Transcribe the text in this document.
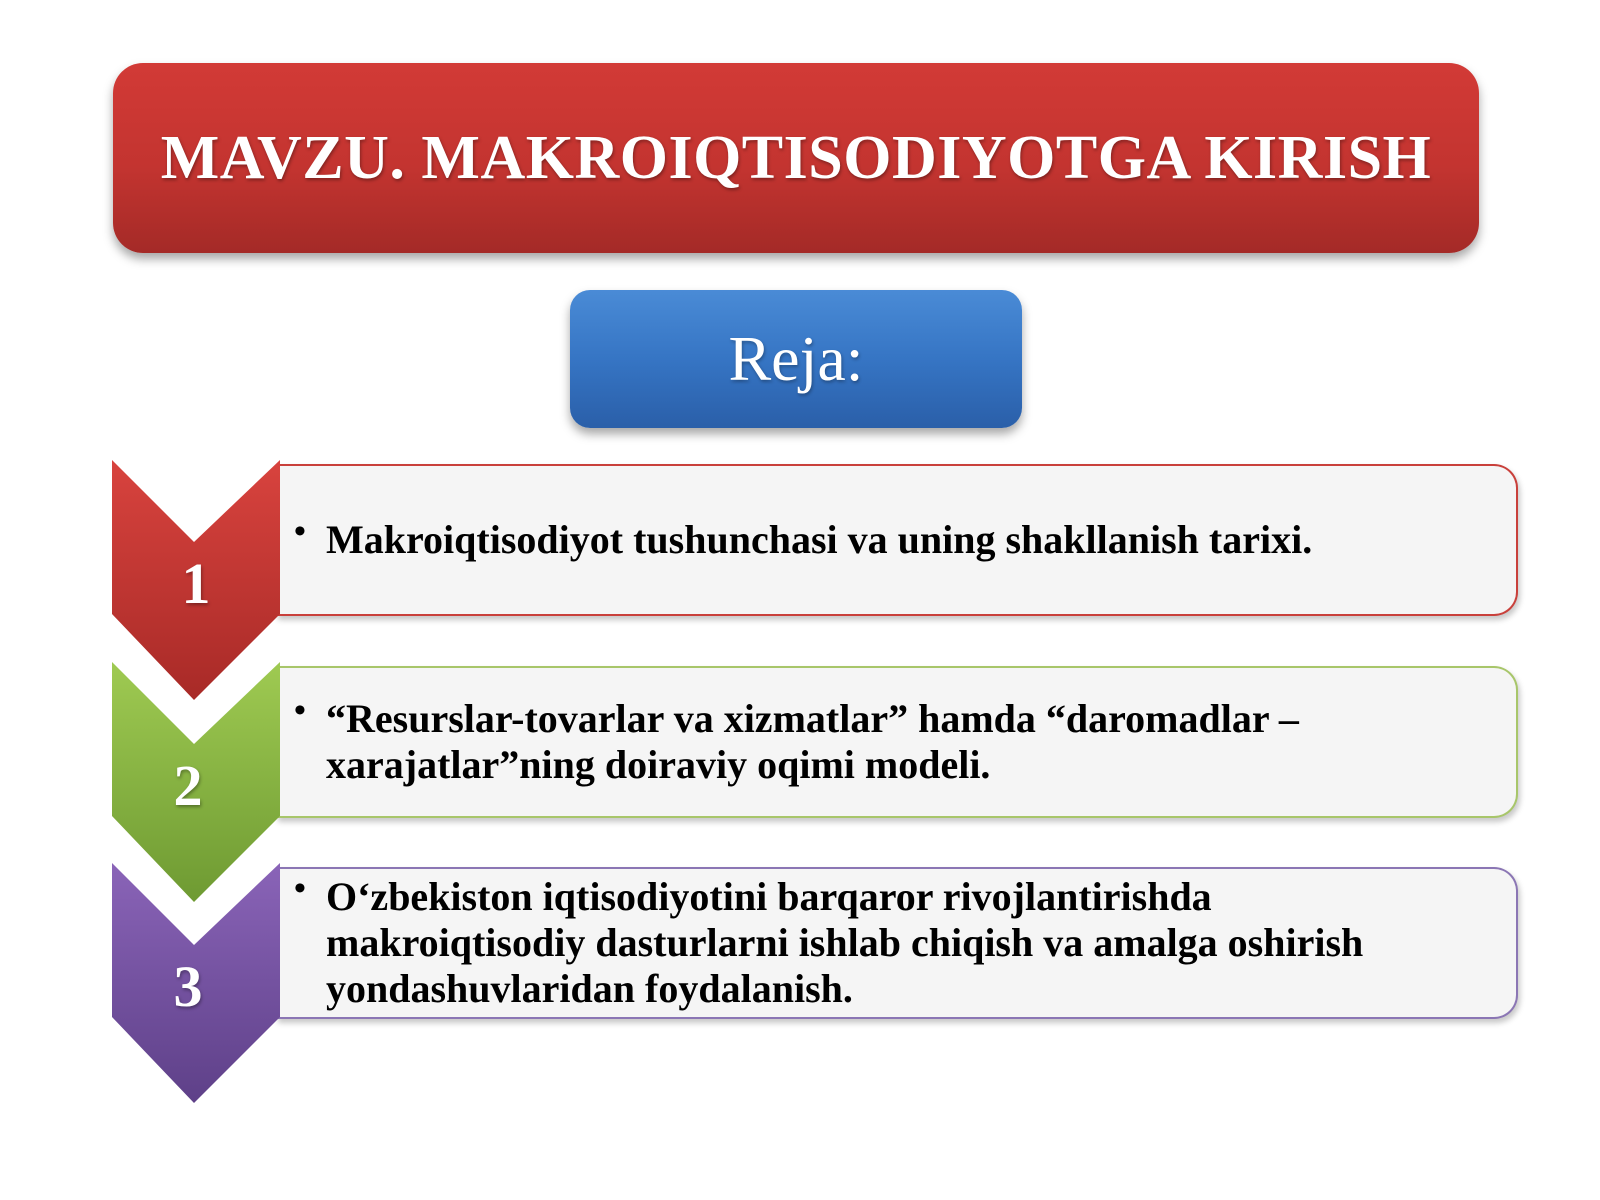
MAVZU. MAKROIQTISODIYOTGA KIRISH
Reja:
• Makroiqtisodiyot tushunchasi va uning shakllanish tarixi.
1
• “Resurslar-tovarlar va xizmatlar” hamda “daromadlar – xarajatlar”ning doiraviy oqimi modeli.
2
• O‘zbekiston iqtisodiyotini barqaror rivojlantirishda makroiqtisodiy dasturlarni ishlab chiqish va amalga oshirish yondashuvlaridan foydalanish.
3
